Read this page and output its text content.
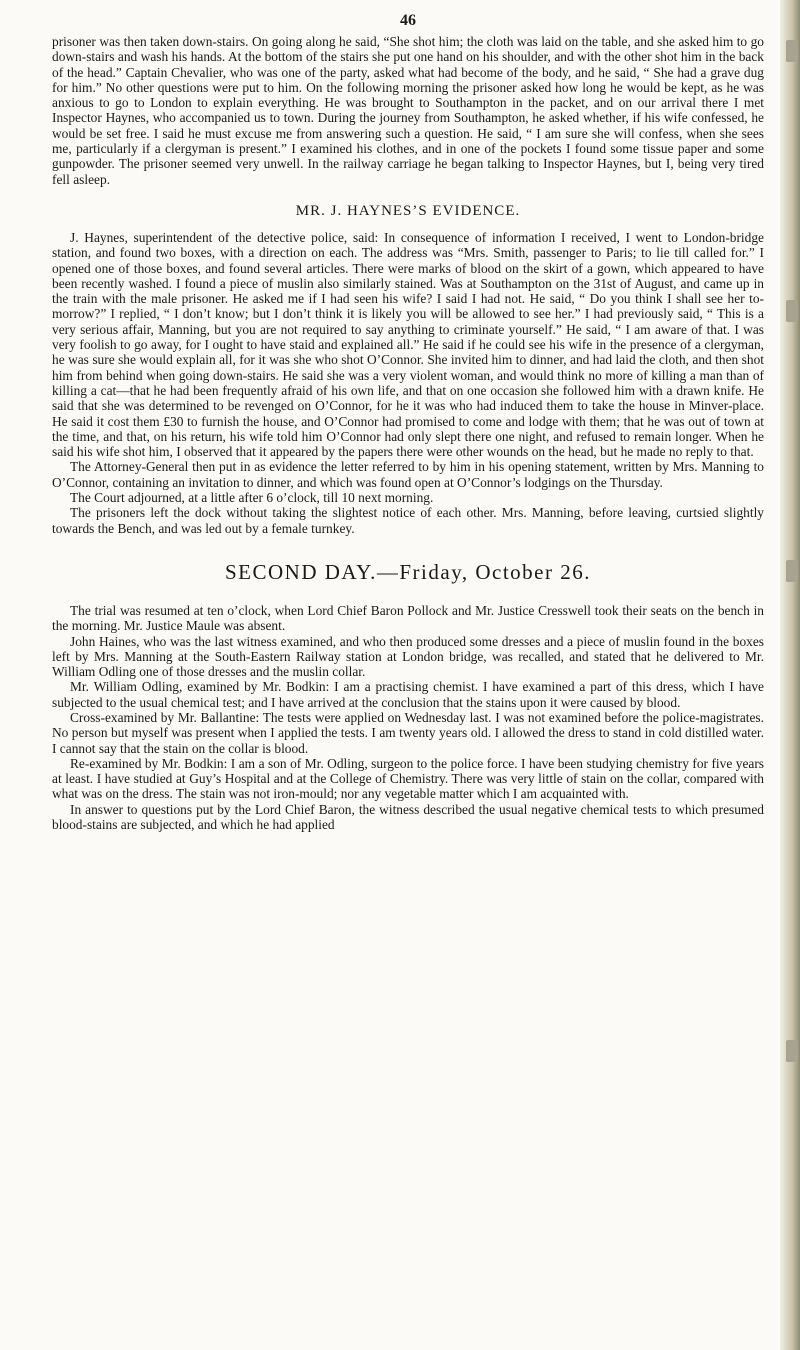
46

prisoner was then taken down-stairs. On going along he said, “She shot him; the cloth was laid on the table, and she asked him to go down-stairs and wash his hands. At the bottom of the stairs she put one hand on his shoulder, and with the other shot him in the back of the head.” Captain Chevalier, who was one of the party, asked what had become of the body, and he said, “ She had a grave dug for him.” No other questions were put to him. On the following morning the prisoner asked how long he would be kept, as he was anxious to go to London to explain everything. He was brought to Southampton in the packet, and on our arrival there I met Inspector Haynes, who accompanied us to town. During the journey from Southampton, he asked whether, if his wife confessed, he would be set free. I said he must excuse me from answering such a question. He said, “ I am sure she will confess, when she sees me, particularly if a clergyman is present.” I examined his clothes, and in one of the pockets I found some tissue paper and some gunpowder. The prisoner seemed very unwell. In the railway carriage he began talking to Inspector Haynes, but I, being very tired fell asleep.

MR. J. HAYNES’S EVIDENCE.

J. Haynes, superintendent of the detective police, said: In consequence of information I received, I went to London-bridge station, and found two boxes, with a direction on each. The address was “Mrs. Smith, passenger to Paris; to lie till called for.” I opened one of those boxes, and found several articles. There were marks of blood on the skirt of a gown, which appeared to have been recently washed. I found a piece of muslin also similarly stained. Was at Southampton on the 31st of August, and came up in the train with the male prisoner. He asked me if I had seen his wife? I said I had not. He said, “ Do you think I shall see her to-morrow?” I replied, “ I don’t know; but I don’t think it is likely you will be allowed to see her.” I had previously said, “ This is a very serious affair, Manning, but you are not required to say anything to criminate yourself.” He said, “ I am aware of that. I was very foolish to go away, for I ought to have staid and explained all.” He said if he could see his wife in the presence of a clergyman, he was sure she would explain all, for it was she who shot O’Connor. She invited him to dinner, and had laid the cloth, and then shot him from behind when going down-stairs. He said she was a very violent woman, and would think no more of killing a man than of killing a cat—that he had been frequently afraid of his own life, and that on one occasion she followed him with a drawn knife. He said that she was determined to be revenged on O’Connor, for he it was who had induced them to take the house in Minver-place. He said it cost them £30 to furnish the house, and O’Connor had promised to come and lodge with them; that he was out of town at the time, and that, on his return, his wife told him O’Connor had only slept there one night, and refused to remain longer. When he said his wife shot him, I observed that it appeared by the papers there were other wounds on the head, but he made no reply to that.

The Attorney-General then put in as evidence the letter referred to by him in his opening statement, written by Mrs. Manning to O’Connor, containing an invitation to dinner, and which was found open at O’Connor’s lodgings on the Thursday.

The Court adjourned, at a little after 6 o’clock, till 10 next morning.

The prisoners left the dock without taking the slightest notice of each other. Mrs. Manning, before leaving, curtsied slightly towards the Bench, and was led out by a female turnkey.

SECOND DAY.—Friday, October 26.

The trial was resumed at ten o’clock, when Lord Chief Baron Pollock and Mr. Justice Cresswell took their seats on the bench in the morning. Mr. Justice Maule was absent.

John Haines, who was the last witness examined, and who then produced some dresses and a piece of muslin found in the boxes left by Mrs. Manning at the South-Eastern Railway station at London bridge, was recalled, and stated that he delivered to Mr. William Odling one of those dresses and the muslin collar.

Mr. William Odling, examined by Mr. Bodkin: I am a practising chemist. I have examined a part of this dress, which I have subjected to the usual chemical test; and I have arrived at the conclusion that the stains upon it were caused by blood.

Cross-examined by Mr. Ballantine: The tests were applied on Wednesday last. I was not examined before the police-magistrates. No person but myself was present when I applied the tests. I am twenty years old. I allowed the dress to stand in cold distilled water. I cannot say that the stain on the collar is blood.

Re-examined by Mr. Bodkin: I am a son of Mr. Odling, surgeon to the police force. I have been studying chemistry for five years at least. I have studied at Guy’s Hospital and at the College of Chemistry. There was very little of stain on the collar, compared with what was on the dress. The stain was not iron-mould; nor any vegetable matter which I am acquainted with.

In answer to questions put by the Lord Chief Baron, the witness described the usual negative chemical tests to which presumed blood-stains are subjected, and which he had applied
